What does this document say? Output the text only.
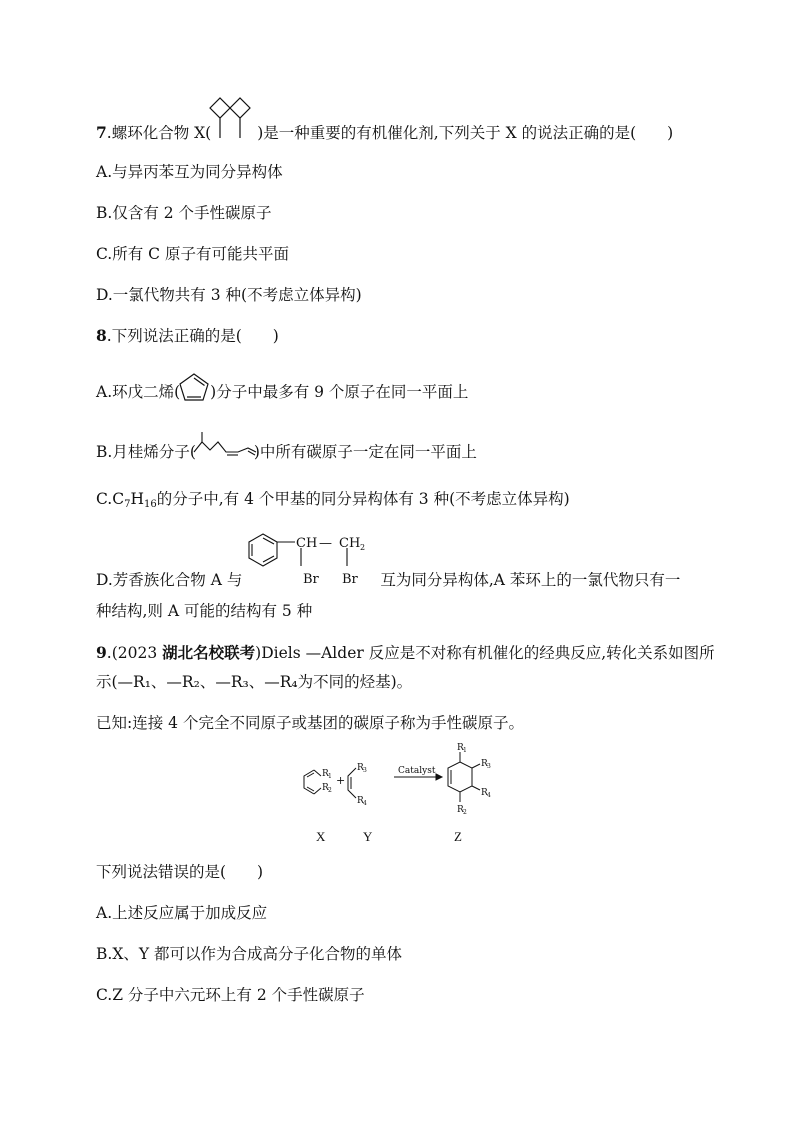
7.螺环化合物 X(	)是一种重要的有机催化剂,下列关于 X 的说法正确的是(　　)
A.与异丙苯互为同分异构体
B.仅含有 2 个手性碳原子
C.所有 C 原子有可能共平面
D.一氯代物共有 3 种(不考虑立体异构)
8.下列说法正确的是(　　)
A.环戊二烯( )分子中最多有 9 个原子在同一平面上
B.月桂烯分子(	)中所有碳原子一定在同一平面上
$C.C_7H_{16}$的分子中,有 4 个甲基的同分异构体有 3 种(不考虑立体异构)
D.芳香族化合物 A 与	互为同分异构体,A 苯环上的一氯代物只有一
CH — CH 2
Br Br
种结构,则 A 可能的结构有 5 种
9.(2023 湖北名校联考)Diels —Alder 反应是不对称有机催化的经典反应,转化关系如图所
示(—R₁、—R₂、—R₃、—R₄为不同的烃基)。
已知:连接 4 个完全不同原子或基团的碳原子称为手性碳原子。
R 1
R 2
+
R 3
R 4
Catalyst
R 1
R 3
R 4
R 2
X	Y	Z
下列说法错误的是(　　)
A.上述反应属于加成反应
B.X、Y 都可以作为合成高分子化合物的单体
C.Z 分子中六元环上有 2 个手性碳原子
